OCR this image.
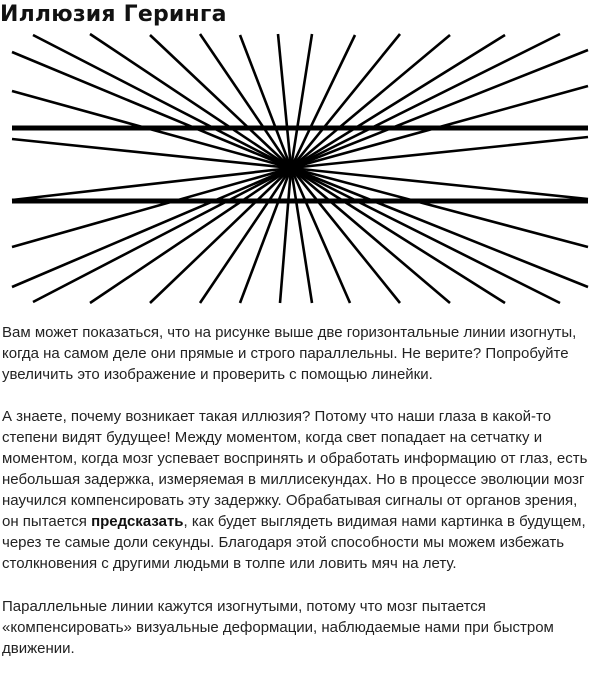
Иллюзия Геринга

Вам может показаться, что на рисунке выше две горизонтальные линии изогнуты, когда на самом деле они прямые и строго параллельны. Не верите? Попробуйте увеличить это изображение и проверить с помощью линейки.

А знаете, почему возникает такая иллюзия? Потому что наши глаза в какой-то степени видят будущее! Между моментом, когда свет попадает на сетчатку и моментом, когда мозг успевает воспринять и обработать информацию от глаз, есть небольшая задержка, измеряемая в миллисекундах. Но в процессе эволюции мозг научился компенсировать эту задержку. Обрабатывая сигналы от органов зрения, он пытается предсказать, как будет выглядеть видимая нами картинка в будущем, через те самые доли секунды. Благодаря этой способности мы можем избежать столкновения с другими людьми в толпе или ловить мяч на лету.

Параллельные линии кажутся изогнутыми, потому что мозг пытается «компенсировать» визуальные деформации, наблюдаемые нами при быстром движении.
